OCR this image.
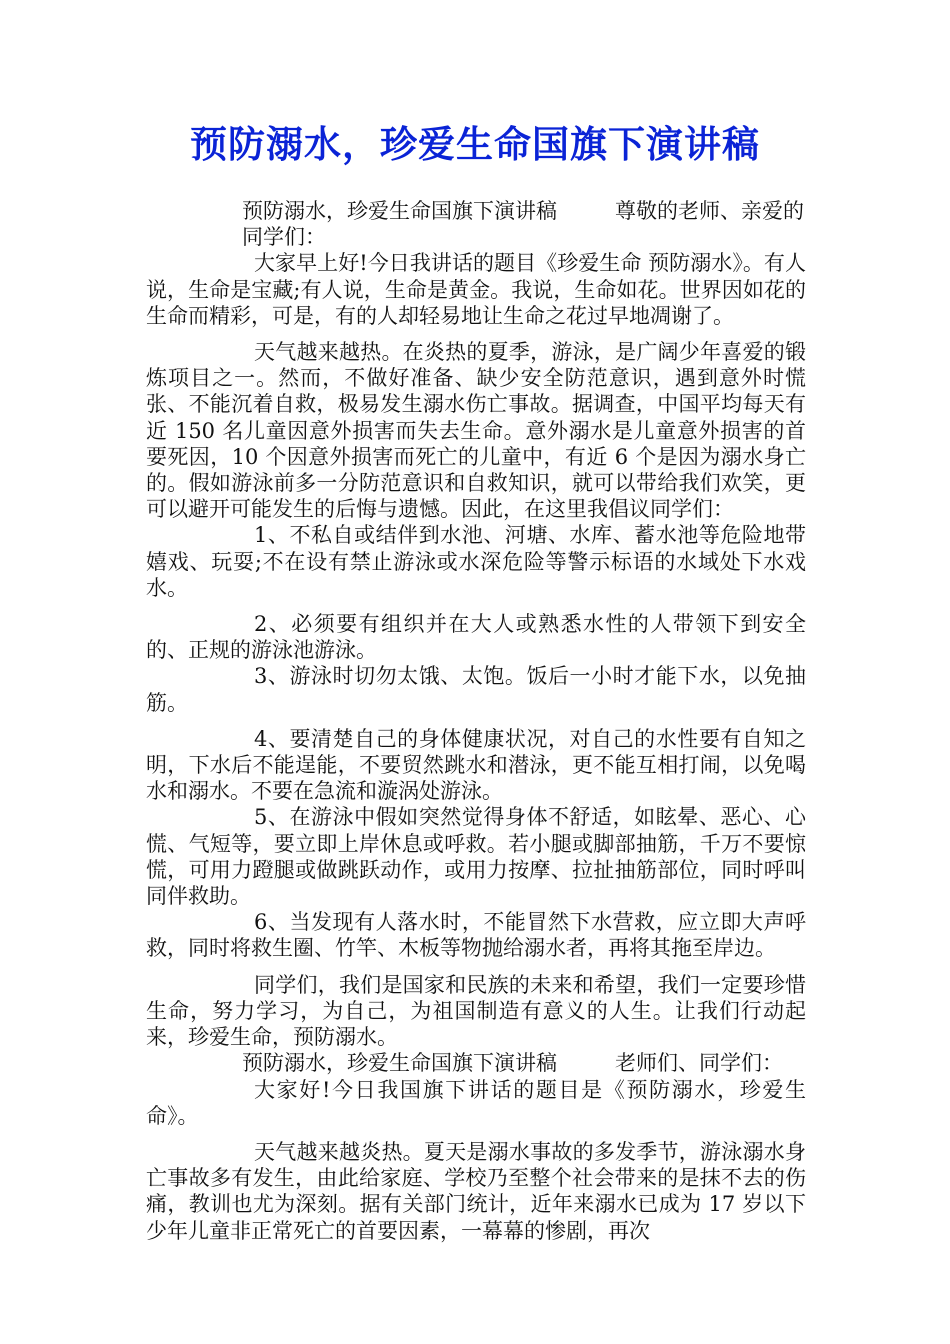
预防溺水，珍爱生命国旗下演讲稿

预防溺水，珍爱生命国旗下演讲稿	尊敬的老师、亲爱的同学们：

大家早上好!今日我讲话的题目《珍爱生命 预防溺水》。有人说，生命是宝藏;有人说，生命是黄金。我说，生命如花。世界因如花的生命而精彩，可是，有的人却轻易地让生命之花过早地凋谢了。

天气越来越热。在炎热的夏季，游泳，是广阔少年喜爱的锻炼项目之一。然而，不做好准备、缺少安全防范意识，遇到意外时慌张、不能沉着自救，极易发生溺水伤亡事故。据调查，中国平均每天有近 150 名儿童因意外损害而失去生命。意外溺水是儿童意外损害的首要死因，10 个因意外损害而死亡的儿童中，有近 6 个是因为溺水身亡的。假如游泳前多一分防范意识和自救知识，就可以带给我们欢笑，更可以避开可能发生的后悔与遗憾。因此，在这里我倡议同学们：

1、不私自或结伴到水池、河塘、水库、蓄水池等危险地带嬉戏、玩耍;不在设有禁止游泳或水深危险等警示标语的水域处下水戏水。

2、必须要有组织并在大人或熟悉水性的人带领下到安全的、正规的游泳池游泳。

3、游泳时切勿太饿、太饱。饭后一小时才能下水，以免抽筋。

4、要清楚自己的身体健康状况，对自己的水性要有自知之明，下水后不能逞能，不要贸然跳水和潜泳，更不能互相打闹，以免喝水和溺水。不要在急流和漩涡处游泳。

5、在游泳中假如突然觉得身体不舒适，如眩晕、恶心、心慌、气短等，要立即上岸休息或呼救。若小腿或脚部抽筋，千万不要惊慌，可用力蹬腿或做跳跃动作，或用力按摩、拉扯抽筋部位，同时呼叫同伴救助。

6、当发现有人落水时，不能冒然下水营救，应立即大声呼救，同时将救生圈、竹竿、木板等物抛给溺水者，再将其拖至岸边。

同学们，我们是国家和民族的未来和希望，我们一定要珍惜生命，努力学习，为自己，为祖国制造有意义的人生。让我们行动起来，珍爱生命，预防溺水。

预防溺水，珍爱生命国旗下演讲稿	老师们、同学们：

大家好!今日我国旗下讲话的题目是《预防溺水，珍爱生命》。

天气越来越炎热。夏天是溺水事故的多发季节，游泳溺水身亡事故多有发生，由此给家庭、学校乃至整个社会带来的是抹不去的伤痛，教训也尤为深刻。据有关部门统计，近年来溺水已成为 17 岁以下少年儿童非正常死亡的首要因素，一幕幕的惨剧，再次
